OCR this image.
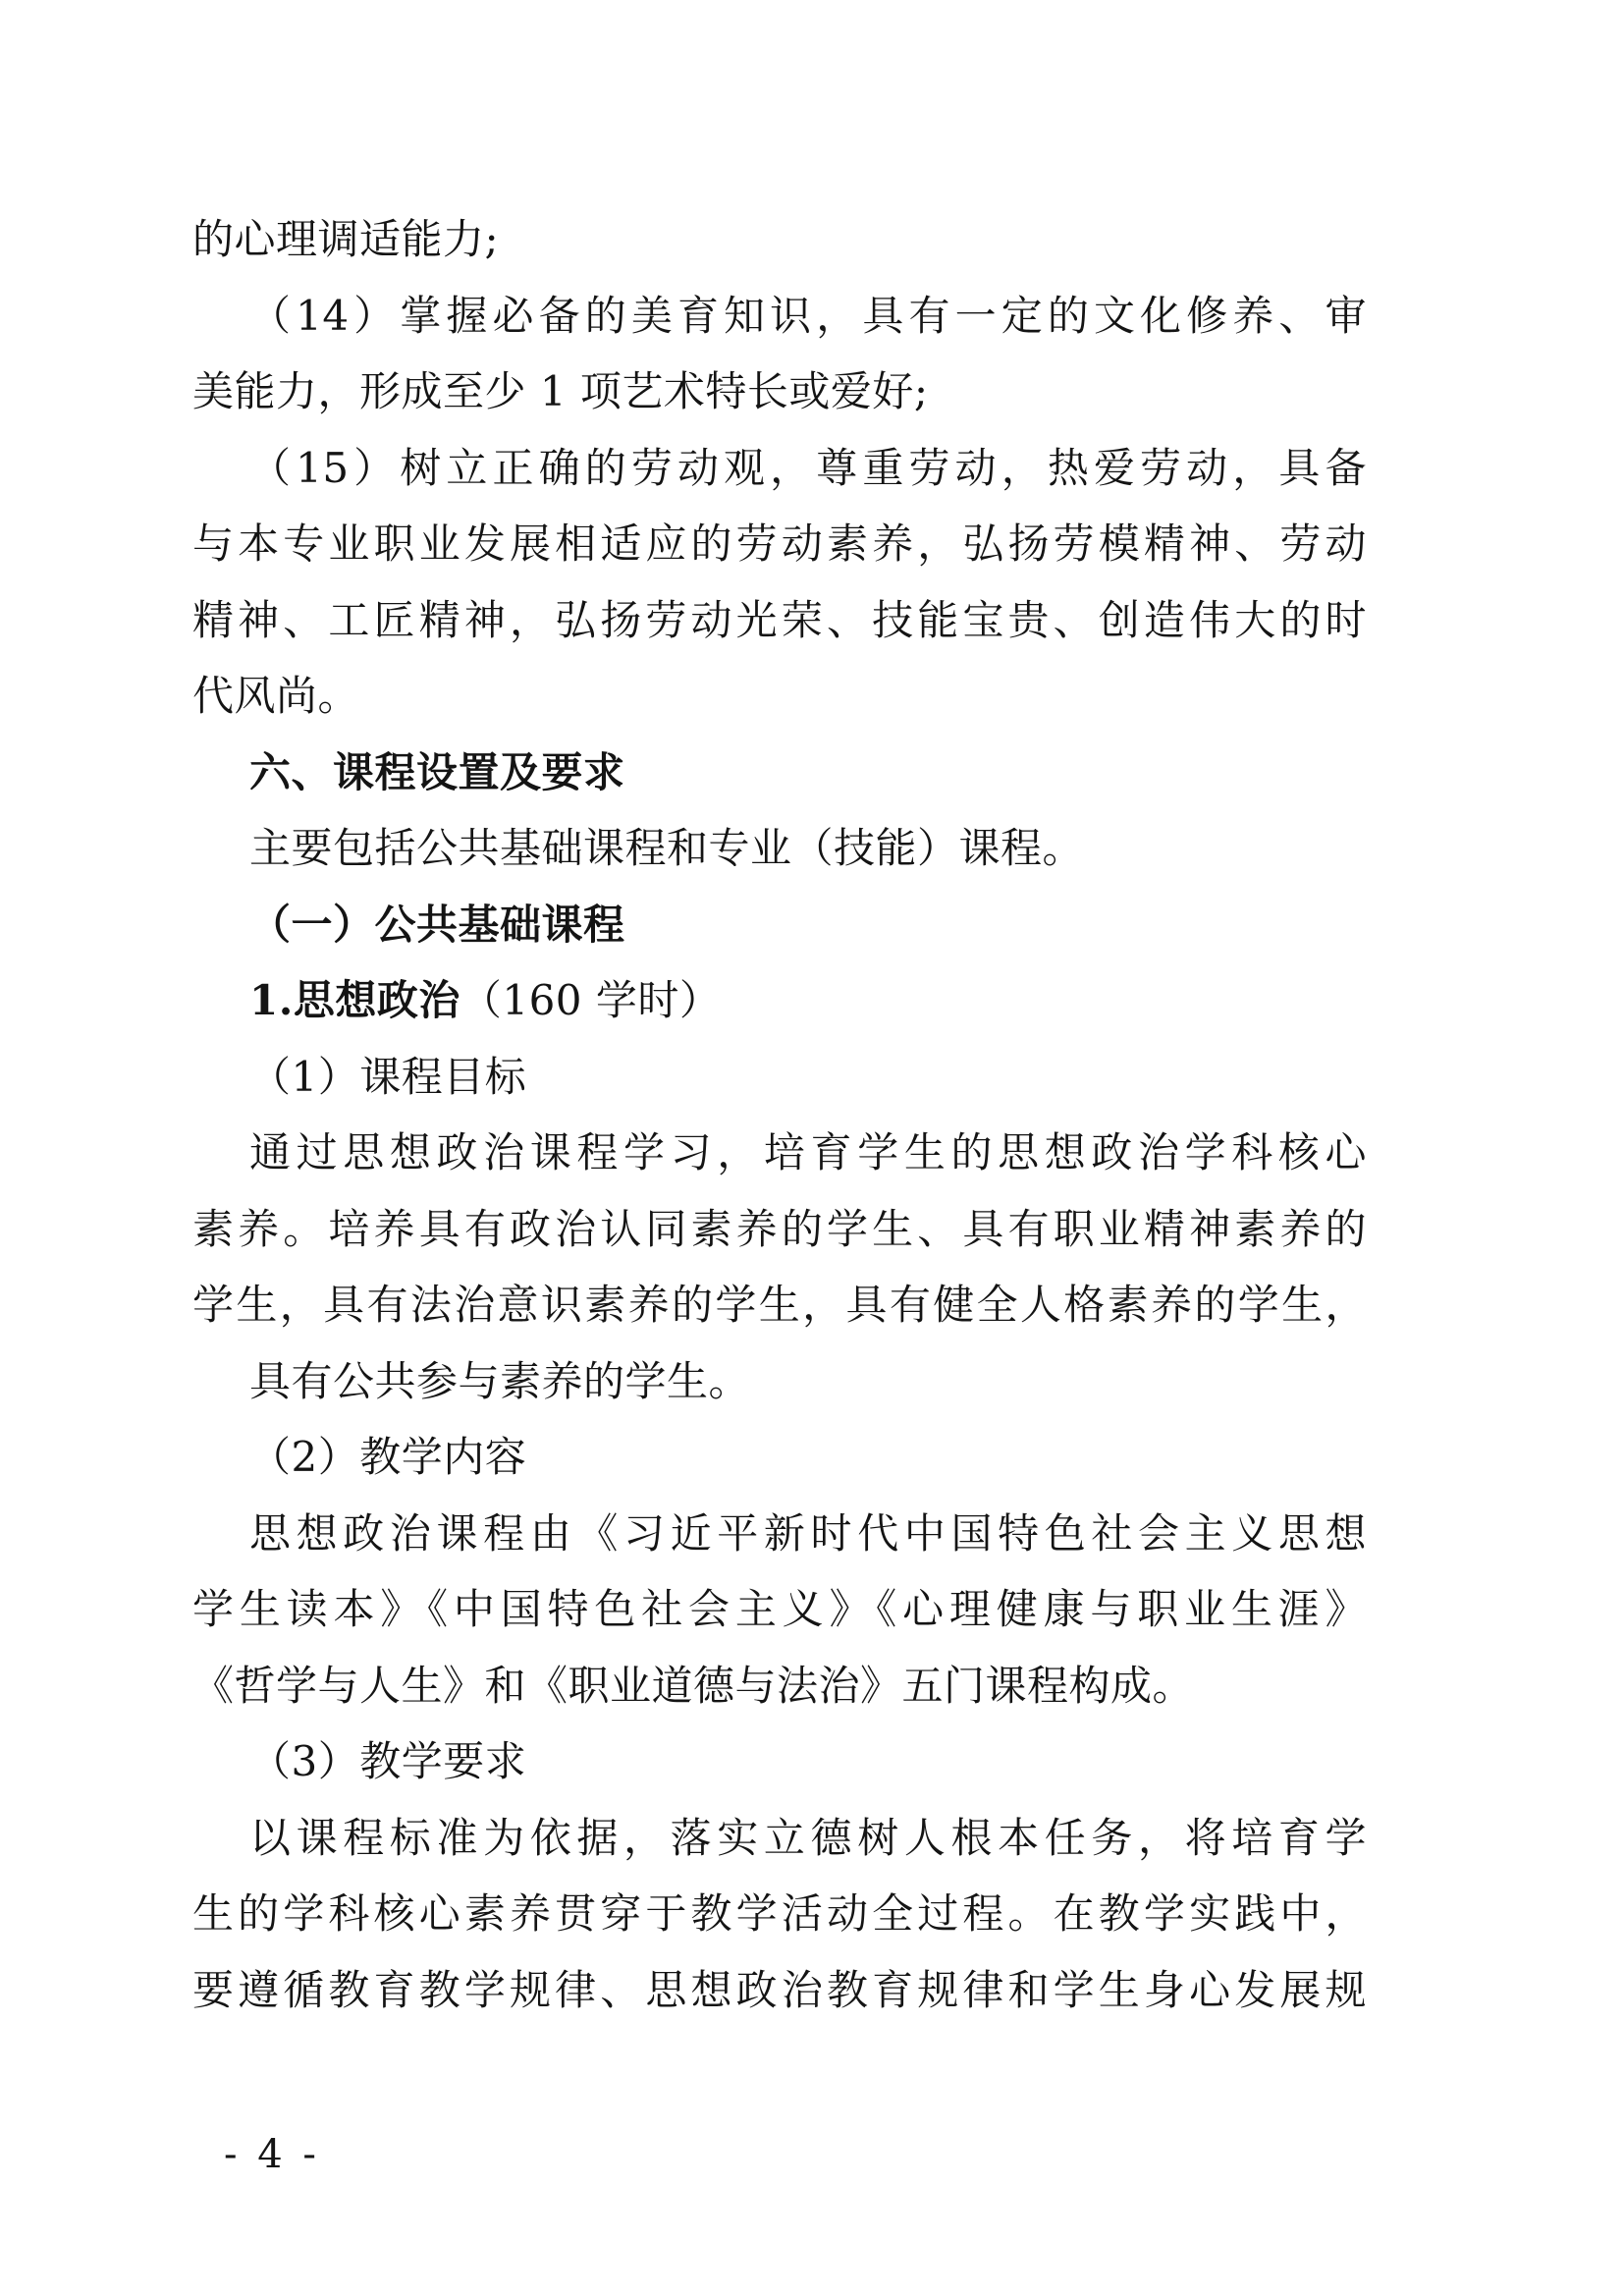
的心理调适能力;
（14）掌握必备的美育知识，具有一定的文化修养、审
美能力，形成至少 1 项艺术特长或爱好;
（15）树立正确的劳动观，尊重劳动，热爱劳动，具备
与本专业职业发展相适应的劳动素养，弘扬劳模精神、劳动
精神、工匠精神，弘扬劳动光荣、技能宝贵、创造伟大的时
代风尚。
六、课程设置及要求
主要包括公共基础课程和专业（技能）课程。
（一）公共基础课程
1.思想政治（160 学时）
（1）课程目标
通过思想政治课程学习，培育学生的思想政治学科核心
素养。培养具有政治认同素养的学生、具有职业精神素养的
学生，具有法治意识素养的学生，具有健全人格素养的学生，
具有公共参与素养的学生。
（2）教学内容
思想政治课程由《习近平新时代中国特色社会主义思想
学生读本》《中国特色社会主义》《心理健康与职业生涯》
《哲学与人生》和《职业道德与法治》五门课程构成。
（3）教学要求
以课程标准为依据，落实立德树人根本任务，将培育学
生的学科核心素养贯穿于教学活动全过程。在教学实践中，
要遵循教育教学规律、思想政治教育规律和学生身心发展规
- 4 -
